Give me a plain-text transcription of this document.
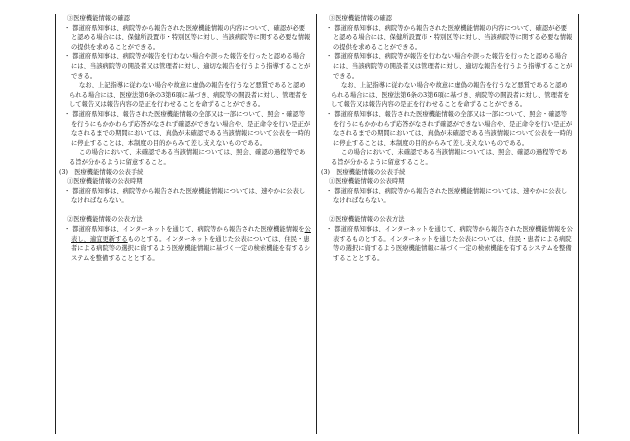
③医療機能情報の確認

・ 都道府県知事は、病院等から報告された医療機能情報の内容について、確認が必要と認める場合には、保健所設置市・特別区等に対し、当該病院等に関する必要な情報の提供を求めることができる。

・ 都道府県知事は、病院等が報告を行わない場合や誤った報告を行ったと認める場合には、当該病院等の開設者又は管理者に対し、適切な報告を行うよう指導することができる。

なお、上記指導に従わない場合や故意に虚偽の報告を行うなど悪質であると認められる場合には、医療法第6条の3第6項に基づき、病院等の開設者に対し、管理者をして報告又は報告内容の是正を行わせることを命ずることができる。

・ 都道府県知事は、報告された医療機能情報の全部又は一部について、照会・確認等を行うにもかかわらず応答がなされず確認ができない場合や、是正命令を行い是正がなされるまでの期間においては、真偽が未確認である当該情報について公表を一時的に停止することは、本制度の目的からみて差し支えないものである。

この場合において、未確認である当該情報については、照会、確認の過程等である旨が分かるように留意すること。

(3)　医療機能情報の公表手続

①医療機能情報の公表時期

・ 都道府県知事は、病院等から報告された医療機能情報については、速やかに公表しなければならない。

②医療機能情報の公表方法

・ 都道府県知事は、インターネットを通じて、病院等から報告された医療機能情報を公表し、適宜更新するものとする。インターネットを通じた公表については、住民・患者による病院等の選択に資するよう医療機能情報に基づく一定の検索機能を有するシステムを整備することとする。

③医療機能情報の確認

・ 都道府県知事は、病院等から報告された医療機能情報の内容について、確認が必要と認める場合には、保健所設置市・特別区等に対し、当該病院等に関する必要な情報の提供を求めることができる。

・ 都道府県知事は、病院等が報告を行わない場合や誤った報告を行ったと認める場合には、当該病院等の開設者又は管理者に対し、適切な報告を行うよう指導することができる。

なお、上記指導に従わない場合や故意に虚偽の報告を行うなど悪質であると認められる場合には、医療法第6条の3第6項に基づき、病院等の開設者に対し、管理者をして報告又は報告内容の是正を行わせることを命ずることができる。

・ 都道府県知事は、報告された医療機能情報の全部又は一部について、照会・確認等を行うにもかかわらず応答がなされず確認ができない場合や、是正命令を行い是正がなされるまでの期間においては、真偽が未確認である当該情報について公表を一時的に停止することは、本制度の目的からみて差し支えないものである。

この場合において、未確認である当該情報については、照会、確認の過程等である旨が分かるように留意すること。

(3)　医療機能情報の公表手続

①医療機能情報の公表時期

・ 都道府県知事は、病院等から報告された医療機能情報については、速やかに公表しなければならない。

②医療機能情報の公表方法

・ 都道府県知事は、インターネットを通じて、病院等から報告された医療機能情報を公表するものとする。インターネットを通じた公表については、住民・患者による病院等の選択に資するよう医療機能情報に基づく一定の検索機能を有するシステムを整備することとする。
